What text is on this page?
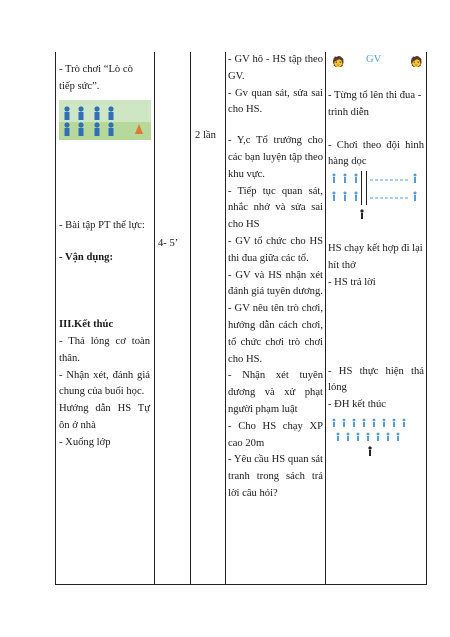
- Trò chơi “Lò cò tiếp sức”.

- Bài tập PT thể lực:

- Vận dụng:

III.Kết thúc

- Thả lỏng cơ toàn thân.

- Nhận xét, đánh giá chung của buổi học.

Hướng dẫn HS Tự ôn ở nhà

- Xuống lớp

4- 5’

2 lần

- GV hô - HS tập theo GV.

- Gv quan sát, sửa sai cho HS.

- Y,c Tổ trưởng cho các bạn luyện tập theo khu vực.

- Tiếp tục quan sát, nhắc nhở và sửa sai cho HS

- GV tổ chức cho HS thi đua giữa các tổ.

- GV và HS nhận xét đánh giá tuyên dương.

- GV nêu tên trò chơi, hướng dẫn cách chơi, tổ chức chơi trò chơi cho HS.

- Nhận xét tuyên dương và xử phạt người phạm luật

- Cho HS chạy XP cao 20m

- Yêu cầu HS quan sát tranh trong sách trả lời câu hỏi?

🧑 GV	🧑

- Từng tổ lên thi đua - trình diễn

- Chơi theo đội hình hàng dọc

HS chạy kết hợp đi lại hít thở

- HS trả lời

- HS thực hiện thả lỏng

- ĐH kết thúc
